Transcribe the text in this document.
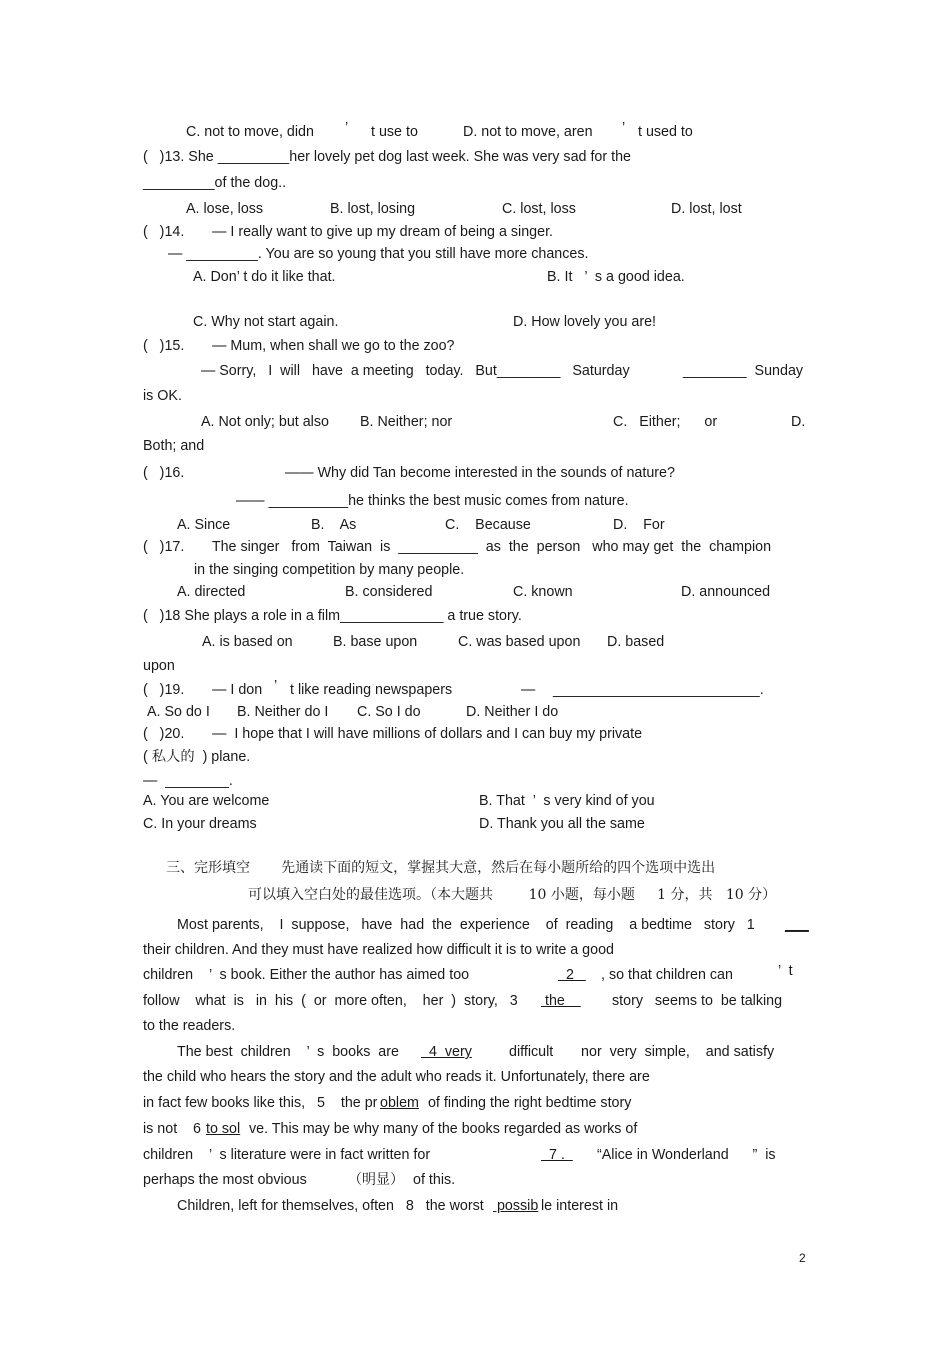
C. not to move, didn ’ t use to	D. not to move, aren ’ t used to
(   )13. She _________her lovely pet dog last week. She was very sad for the
_________of the dog..
A. lose, loss	B. lost, losing	C. lost, loss	D. lost, lost
(   )14.       — I really want to give up my dream of being a singer.
— _________. You are so young that you still have more chances.
A. Don’ t do it like that.	B. It   ’  s a good idea.
C. Why not start again.	D. How lovely you are!
(   )15.       — Mum, when shall we go to the zoo?
— Sorry,   I  will   have  a meeting   today.   But________   Saturday	________  Sunday
is OK.
A. Not only; but also B. Neither; nor	C.   Either;      or	D.
Both; and
(   )16.	—— Why did Tan become interested in the sounds of nature?
—— __________he thinks the best music comes from nature.
A. Since	B.    As	C.    Because	D.    For
(   )17.       The singer   from  Taiwan  is  __________  as  the  person   who may get  the  champion
in the singing competition by many people.
A. directed	B. considered	C. known	D. announced
(   )18 She plays a role in a film_____________ a true story.
A. is based on	B. base upon	C. was based upon D. based
upon
(   )19.       — I don ’ t like reading newspapers	— __________________________.
A. So do I B. Neither do I C. So I do	D. Neither I do
(   )20.       —  I hope that I will have millions of dollars and I can buy my private
( 私人的  ) plane.
—  ________.
A. You are welcome	B. That  ’  s very kind of you
C. In your dreams	D. Thank you all the same
三、完形填空       先通读下面的短文，掌握其大意，然后在每小题所给的四个选项中选出
可以填入空白处的最佳选项。（本大题共        10 小题，每小题     1 分，共   10 分）
Most parents,    I  suppose,   have  had  the  experience    of  reading    a bedtime   story   1 ___
their children. And they must have realized how difficult it is to write a good
children    ’  s book. Either the author has aimed too	2 , so that children can	’  t
follow    what  is   in  his  (  or  more often,    her  )  story,   3 the story   seems to  be talking
to the readers.
The best  children    ’  s  books  are 4  very	difficult       nor  very  simple,    and satisfy
the child who hears the story and the adult who reads it. Unfortunately, there are
in fact few books like this,   5    the pr oblem of finding the right bedtime story
is not    6
to sol ve. This may be why many of the books regarded as works of
children    ’  s literature were in fact written for	7 . “Alice in Wonderland      ”  is
perhaps the most obvious	（明显） of this.
Children, left for themselves, often   8   the worst possib le interest in
2
